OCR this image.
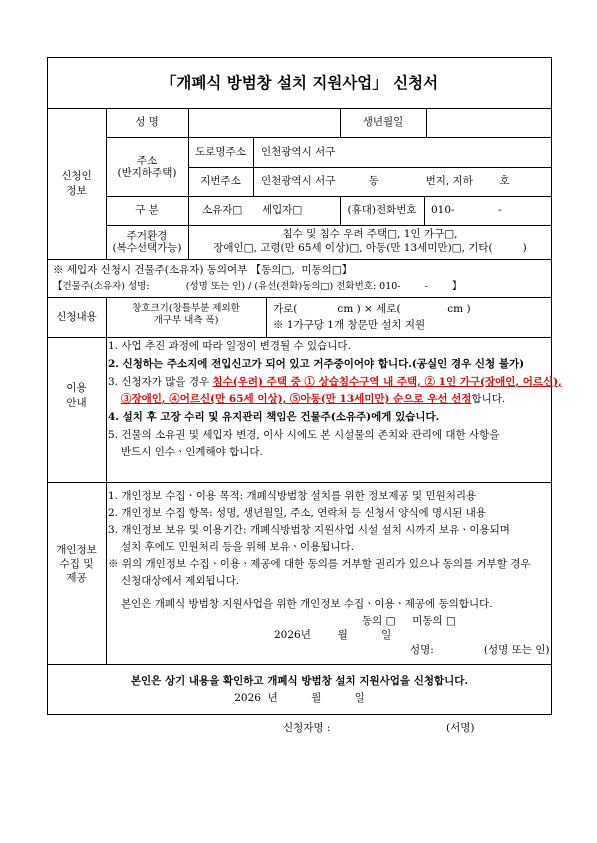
「개폐식 방범창 설치 지원사업」 신청서
신청인
정보
성 명	생년월일
주소
(반지하주택)
도로명주소	인천광역시 서구
지번주소	인천광역시 서구          동              번지, 지하        호
구 분	소유자□ 세입자□	(휴대)전화번호	010-             -
주거환경
(복수선택가능)
침수 및 침수 우려 주택□, 1인 가구□,
장애인□, 고령(만 65세 이상)□, 아동(만 13세미만)□, 기타(         )
※ 세입자 신청시 건물주(소유자) 동의여부 【동의□,  미동의□】
【건물주(소유자) 성명:            (성명 또는 인) / (유선(전화)동의□) 전화번호: 010-        -        】
신청내용
창호크기(창틀부분 제외한
개구부 내측 폭)
가로(            cm ) × 세로(              cm )
※ 1가구당 1개 창문만 설치 지원
이용
안내
1. 사업 추진 과정에 따라 일정이 변경될 수 있습니다.
2. 신청하는 주소지에 전입신고가 되어 있고 거주중이어야 합니다.(공실인 경우 신청 불가)
3. 신청자가 많을 경우 침수(우려) 주택 중 ① 상습침수구역 내 주택, ② 1인 가구(장애인, 어르신),
③장애인, ④어르신(만 65세 이상), ⑤아동(만 13세미만) 순으로 우선 선정합니다.
4. 설치 후 고장 수리 및 유지관리 책임은 건물주(소유주)에게 있습니다.
5. 건물의 소유권 및 세입자 변경, 이사 시에도 본 시설물의 존치와 관리에 대한 사항을
반드시 인수ㆍ인계해야 합니다.
개인정보
수집 및
제공
1. 개인정보 수집ㆍ이용 목적: 개폐식방범창 설치를 위한 정보제공 및 민원처리용
2. 개인정보 수집 항목: 성명, 생년월일, 주소, 연락처 등 신청서 양식에 명시된 내용
3. 개인정보 보유 및 이용기간: 개폐식방범창 지원사업 시설 설치 시까지 보유ㆍ이용되며
설치 후에도 민원처리 등을 위해 보유ㆍ이용됩니다.
※ 위의 개인정보 수집ㆍ이용ㆍ제공에 대한 동의를 거부할 권리가 있으나 동의를 거부할 경우
신청대상에서 제외됩니다.
본인은 개폐식 방범창 지원사업을 위한 개인정보 수집ㆍ이용ㆍ제공에 동의합니다.
동의 □     미동의 □
2026년        월          일
성명:               (성명 또는 인)
본인은 상기 내용을 확인하고 개폐식 방범창 설치 지원사업을 신청합니다.
2026  년          월          일
신청자명 :	(서명)
